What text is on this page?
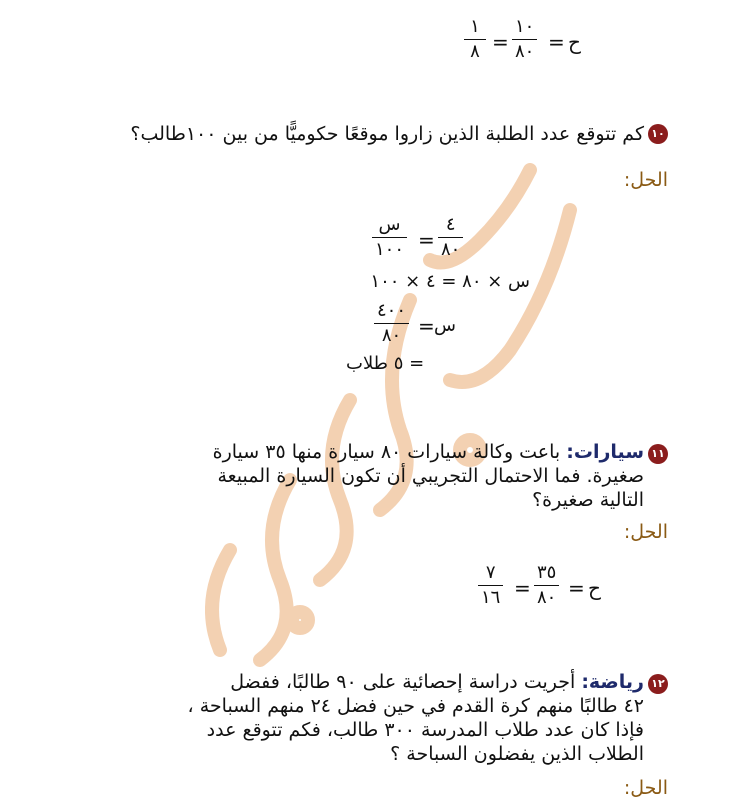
ح
=
١٠
٨٠
=
١
٨
١٠
كم تتوقع عدد الطلبة الذين زاروا موقعًا حكوميًّا من بين ١٠٠طالب؟
الحل:
س
١٠٠ =
٤
٨٠
س × ٨٠ = ٤ × ١٠٠
س
=
٤٠٠
٨٠
= ٥ طلاب
١١
سيارات: باعت وكالة سيارات ٨٠ سيارة منها ٣٥ سيارة
صغيرة. فما الاحتمال التجريبي أن تكون السيارة المبيعة
التالية صغيرة؟
الحل:
ح
=
٣٥
٨٠
=
٧
١٦
١٢
رياضة: أجريت دراسة إحصائية على ٩٠ طالبًا، ففضل
٤٢ طالبًا منهم كرة القدم في حين فضل ٢٤ منهم السباحة ،
فإذا كان عدد طلاب المدرسة ٣٠٠ طالب، فكم تتوقع عدد
الطلاب الذين يفضلون السباحة ؟
الحل:
